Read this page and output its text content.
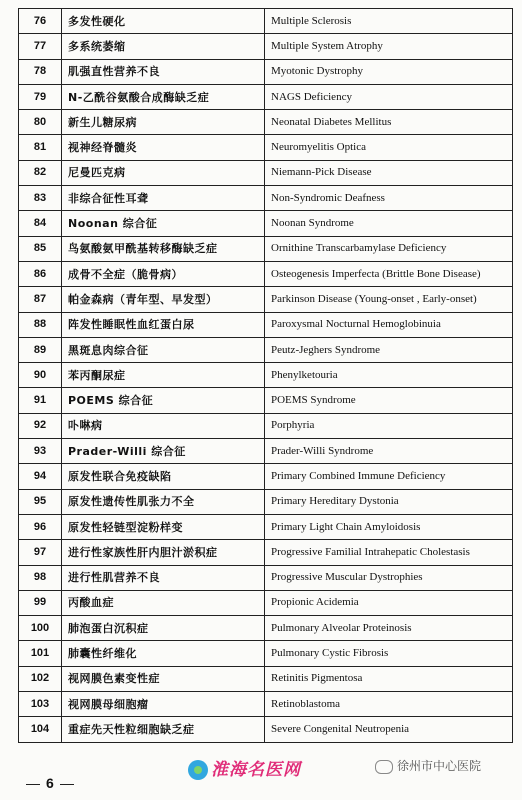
76	多发性硬化	Multiple Sclerosis
77	多系统萎缩	Multiple System Atrophy
78	肌强直性营养不良	Myotonic Dystrophy
79	N-乙酰谷氨酸合成酶缺乏症	NAGS Deficiency
80	新生儿糖尿病	Neonatal Diabetes Mellitus
81	视神经脊髓炎	Neuromyelitis Optica
82	尼曼匹克病	Niemann-Pick Disease
83	非综合征性耳聋	Non-Syndromic Deafness
84	Noonan 综合征	Noonan Syndrome
85	鸟氨酸氨甲酰基转移酶缺乏症	Ornithine Transcarbamylase Deficiency
86	成骨不全症（脆骨病）	Osteogenesis Imperfecta (Brittle Bone Disease)
87	帕金森病（青年型、早发型）	Parkinson Disease (Young-onset , Early-onset)
88	阵发性睡眠性血红蛋白尿	Paroxysmal Nocturnal Hemoglobinuia
89	黑斑息肉综合征	Peutz-Jeghers Syndrome
90	苯丙酮尿症	Phenylketouria
91	POEMS 综合征	POEMS Syndrome
92	卟啉病	Porphyria
93	Prader-Willi 综合征	Prader-Willi Syndrome
94	原发性联合免疫缺陷	Primary Combined Immune Deficiency
95	原发性遗传性肌张力不全	Primary Hereditary Dystonia
96	原发性轻链型淀粉样变	Primary Light Chain Amyloidosis
97	进行性家族性肝内胆汁淤积症	Progressive Familial Intrahepatic Cholestasis
98	进行性肌营养不良	Progressive Muscular Dystrophies
99	丙酸血症	Propionic Acidemia
100	肺泡蛋白沉积症	Pulmonary Alveolar Proteinosis
101	肺囊性纤维化	Pulmonary Cystic Fibrosis
102	视网膜色素变性症	Retinitis Pigmentosa
103	视网膜母细胞瘤	Retinoblastoma
104	重症先天性粒细胞缺乏症	Severe Congenital Neutropenia
6
淮海名医网	徐州市中心医院
